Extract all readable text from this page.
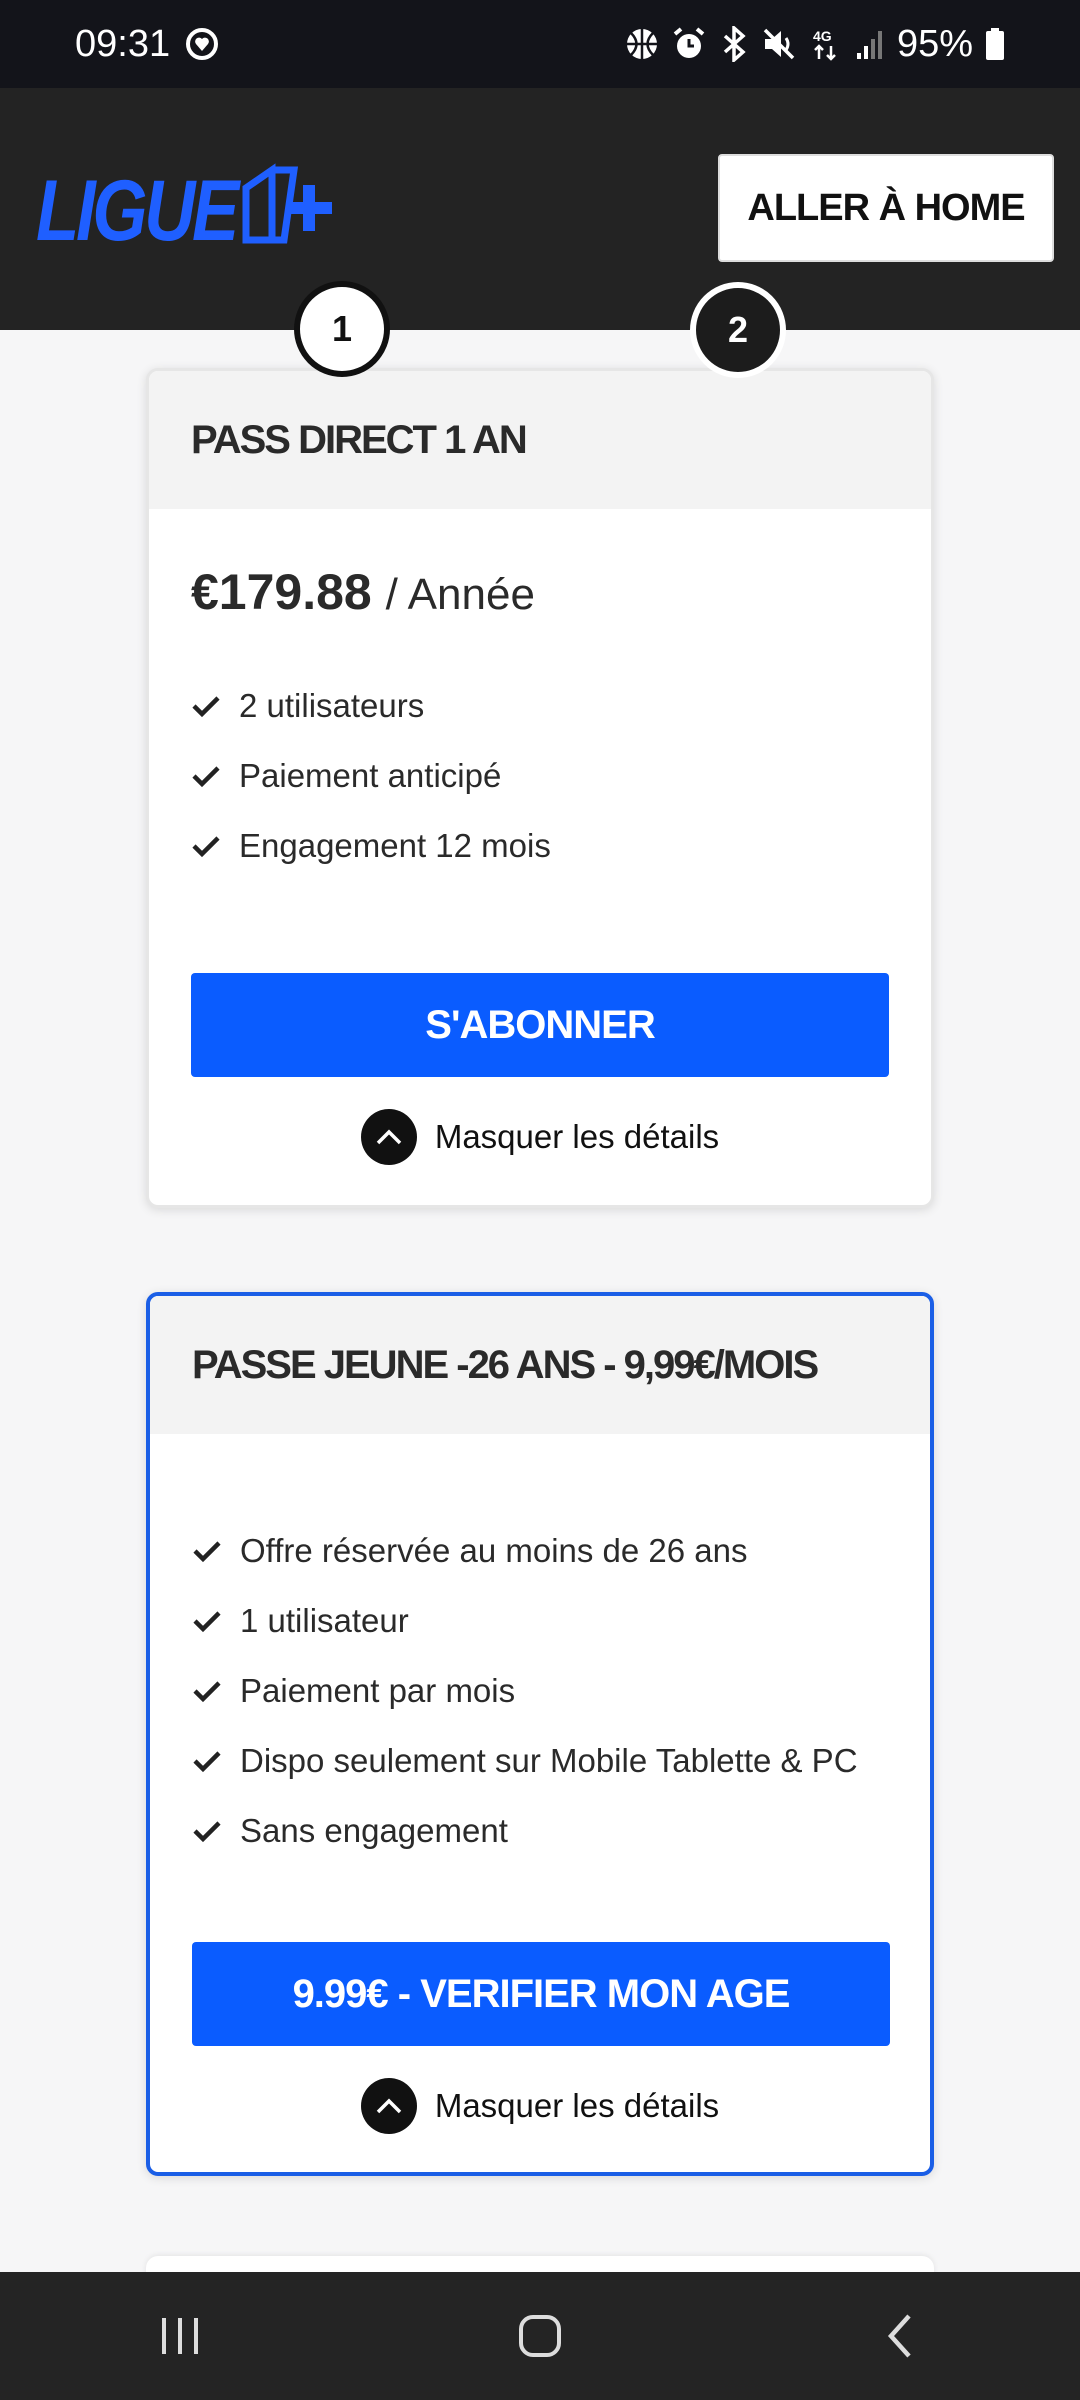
09:31	4G 95%
LIGUE	ALLER À HOME
1	2
PASS DIRECT 1 AN
€179.88 / Année
2 utilisateurs
Paiement anticipé
Engagement 12 mois
S'ABONNER
Masquer les détails
PASSE JEUNE -26 ANS - 9,99€/MOIS
Offre réservée au moins de 26 ans
1 utilisateur
Paiement par mois
Dispo seulement sur Mobile Tablette & PC
Sans engagement
9.99€ - VERIFIER MON AGE
Masquer les détails
